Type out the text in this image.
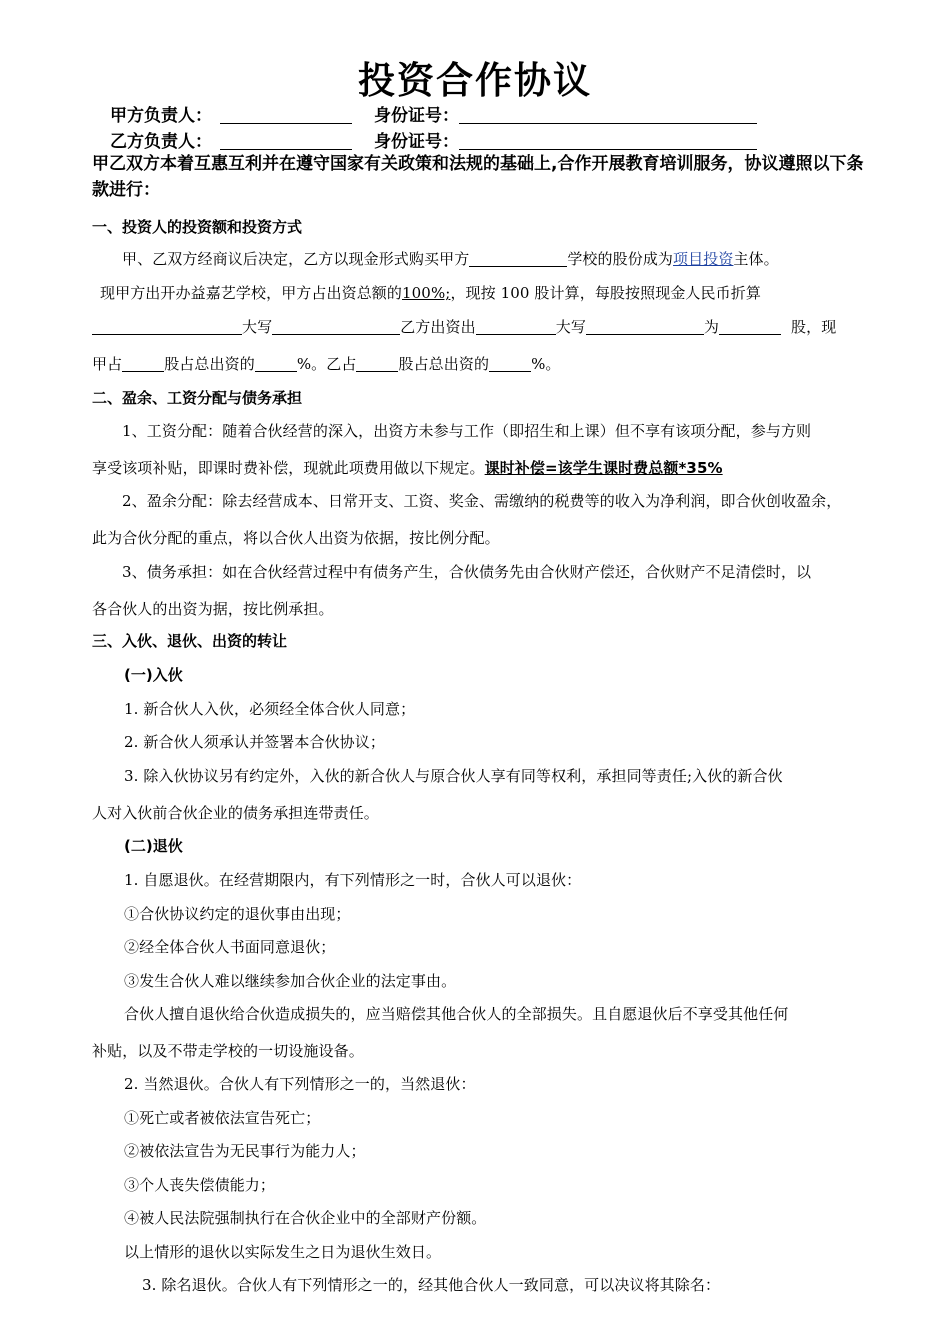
投资合作协议
甲方负责人：	身份证号：
乙方负责人：	身份证号：
甲乙双方本着互惠互利并在遵守国家有关政策和法规的基础上,合作开展教育培训服务，协议遵照以下条款进行：
一、投资人的投资额和投资方式
甲、乙双方经商议后决定，乙方以现金形式购买甲方	学校的股份成为项目投资主体。
现甲方出开办益嘉艺学校，甲方占出资总额的100%;，现按 100 股计算，每股按照现金人民币折算
大写	乙方出资出	大写	为	股，现
甲占	股占总出资的	%。乙占	股占总出资的	%。
二、盈余、工资分配与债务承担
1、工资分配：随着合伙经营的深入，出资方未参与工作（即招生和上课）但不享有该项分配，参与方则
享受该项补贴，即课时费补偿，现就此项费用做以下规定。课时补偿=该学生课时费总额*35%
2、盈余分配：除去经营成本、日常开支、工资、奖金、需缴纳的税费等的收入为净利润，即合伙创收盈余，
此为合伙分配的重点，将以合伙人出资为依据，按比例分配。
3、债务承担：如在合伙经营过程中有债务产生，合伙债务先由合伙财产偿还，合伙财产不足清偿时，以
各合伙人的出资为据，按比例承担。
三、入伙、退伙、出资的转让
(一)入伙
1. 新合伙人入伙，必须经全体合伙人同意；
2. 新合伙人须承认并签署本合伙协议；
3. 除入伙协议另有约定外，入伙的新合伙人与原合伙人享有同等权利，承担同等责任;入伙的新合伙
人对入伙前合伙企业的债务承担连带责任。
(二)退伙
1. 自愿退伙。在经营期限内，有下列情形之一时，合伙人可以退伙：
①合伙协议约定的退伙事由出现；
②经全体合伙人书面同意退伙；
③发生合伙人难以继续参加合伙企业的法定事由。
合伙人擅自退伙给合伙造成损失的，应当赔偿其他合伙人的全部损失。且自愿退伙后不享受其他任何
补贴，以及不带走学校的一切设施设备。
2. 当然退伙。合伙人有下列情形之一的，当然退伙：
①死亡或者被依法宣告死亡；
②被依法宣告为无民事行为能力人；
③个人丧失偿债能力；
④被人民法院强制执行在合伙企业中的全部财产份额。
以上情形的退伙以实际发生之日为退伙生效日。
3. 除名退伙。合伙人有下列情形之一的，经其他合伙人一致同意，可以决议将其除名：
